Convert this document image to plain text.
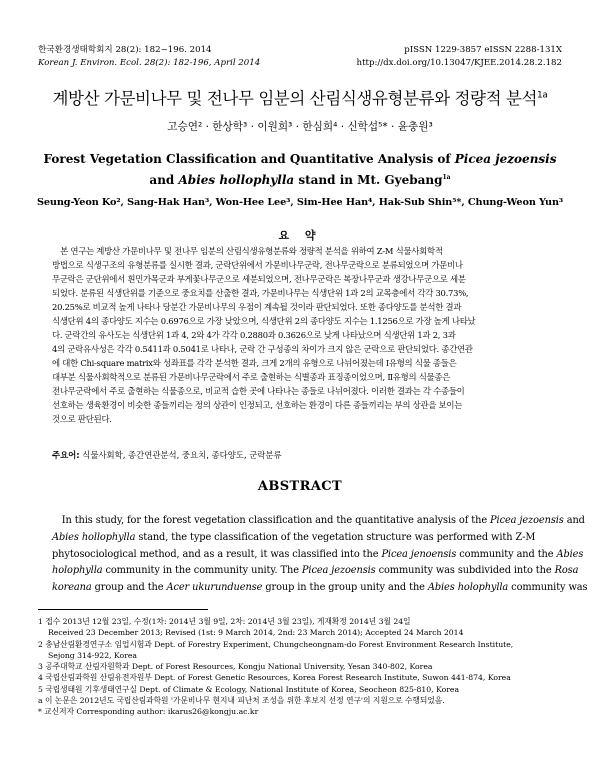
한국환경생태학회지 28(2): 182~196. 2014
Korean J. Environ. Ecol. 28(2): 182-196, April 2014
pISSN 1229-3857 eISSN 2288-131X
http://dx.doi.org/10.13047/KJEE.2014.28.2.182
계방산 가문비나무 및 전나무 임분의 산림식생유형분류와 정량적 분석$^{1a}$
고승연² · 한상학³ · 이원희³ · 한심희⁴ · 신학섭⁵* · 윤충원³
Forest Vegetation Classification and Quantitative Analysis of Picea jezoensis
and Abies hollophylla stand in Mt. Gyebang$^{1a}$
Seung-Yeon Ko², Sang-Hak Han³, Won-Hee Lee³, Sim-Hee Han⁴, Hak-Sub Shin⁵*, Chung-Weon Yun³
요 약
　본 연구는 계방산 가문비나무 및 전나무 임분의 산림식생유형분류와 정량적 분석을 위하여 Z-M 식물사회학적
방법으로 식생구조의 유형분류를 실시한 결과, 군락단위에서 가문비나무군락, 전나무군락으로 분류되었으며 가문비나
무군락은 군단위에서 흰민가목군과 부게꽃나무군으로 세분되었으며, 전나무군락은 복장나무군과 생강나무군으로 세분
되었다. 분류된 식생단위를 기준으로 중요치를 산출한 결과, 가문비나무는 식생단위 1과 2의 교목층에서 각각 30.73%,
20.25%로 비교적 높게 나타나 당분간 가문비나무의 우점이 계속될 것이라 판단되었다. 또한 종다양도를 분석한 결과
식생단위 4의 종다양도 지수는 0.6976으로 가장 낮았으며, 식생단위 2의 종다양도 지수는 1.1256으로 가장 높게 나타났
다. 군락간의 유사도는 식생단위 1과 4, 2와 4가 각각 0.2880과 0.3626으로 낮게 나타났으며 식생단위 1과 2, 3과
4의 군락유사성은 각각 0.5411과 0.5041로 나타나, 군락 간 구성종의 차이가 크지 않은 군락으로 판단되었다. 종간연관
에 대한 Chi-square matrix와 성좌표를 각각 분석한 결과, 크게 2개의 유형으로 나뉘어졌는데 Ⅰ유형의 식물 종들은
대부분 식물사회학적으로 분류된 가문비나무군락에서 주로 출현하는 식별종과 표징종이었으며, Ⅱ유형의 식물종은
전나무군락에서 주로 출현하는 식물종으로, 비교적 습한 곳에 나타나는 종들로 나뉘어졌다. 이러한 결과는 각 수종들이
선호하는 생육환경이 비슷한 종들끼리는 정의 상관이 인정되고, 선호하는 환경이 다른 종들끼리는 부의 상관을 보이는
것으로 판단된다.
주요어: 식물사회학, 종간연관분석, 중요치, 종다양도, 군락분류
ABSTRACT
　In this study, for the forest vegetation classification and the quantitative analysis of the Picea jezoensis and
Abies hollophylla stand, the type classification of the vegetation structure was performed with Z-M
phytosociological method, and as a result, it was classified into the Picea jenoensis community and the Abies
holophylla community in the community unity. The Picea jezoensis community was subdivided into the Rosa
koreana group and the Acer ukurunduense group in the group unity and the Abies holophylla community was
1 접수 2013년 12월 23일, 수정(1차: 2014년 3월 9일, 2차: 2014년 3월 23일), 게재확정 2014년 3월 24일
Received 23 December 2013; Revised (1st: 9 March 2014, 2nd: 23 March 2014); Accepted 24 March 2014
2 충남산림환경연구소 임업시험과 Dept. of Forestry Experiment, Chungcheongnam-do Forest Environment Research Institute,
Sejong 314-922, Korea
3 공주대학교 산림자원학과 Dept. of Forest Resources, Kongju National University, Yesan 340-802, Korea
4 국립산림과학원 산림유전자원부 Dept. of Forest Genetic Resources, Korea Forest Research Institute, Suwon 441-874, Korea
5 국립생태원 기후생태연구실 Dept. of Climate & Ecology, National Institute of Korea, Seocheon 825-810, Korea
a 이 논문은 2012년도 국립산림과학원 '가문비나무 현지내 피난처 조성을 위한 후보지 선정 연구'의 지원으로 수행되었음.
* 교신저자 Corresponding author: ikarus26@kongju.ac.kr
